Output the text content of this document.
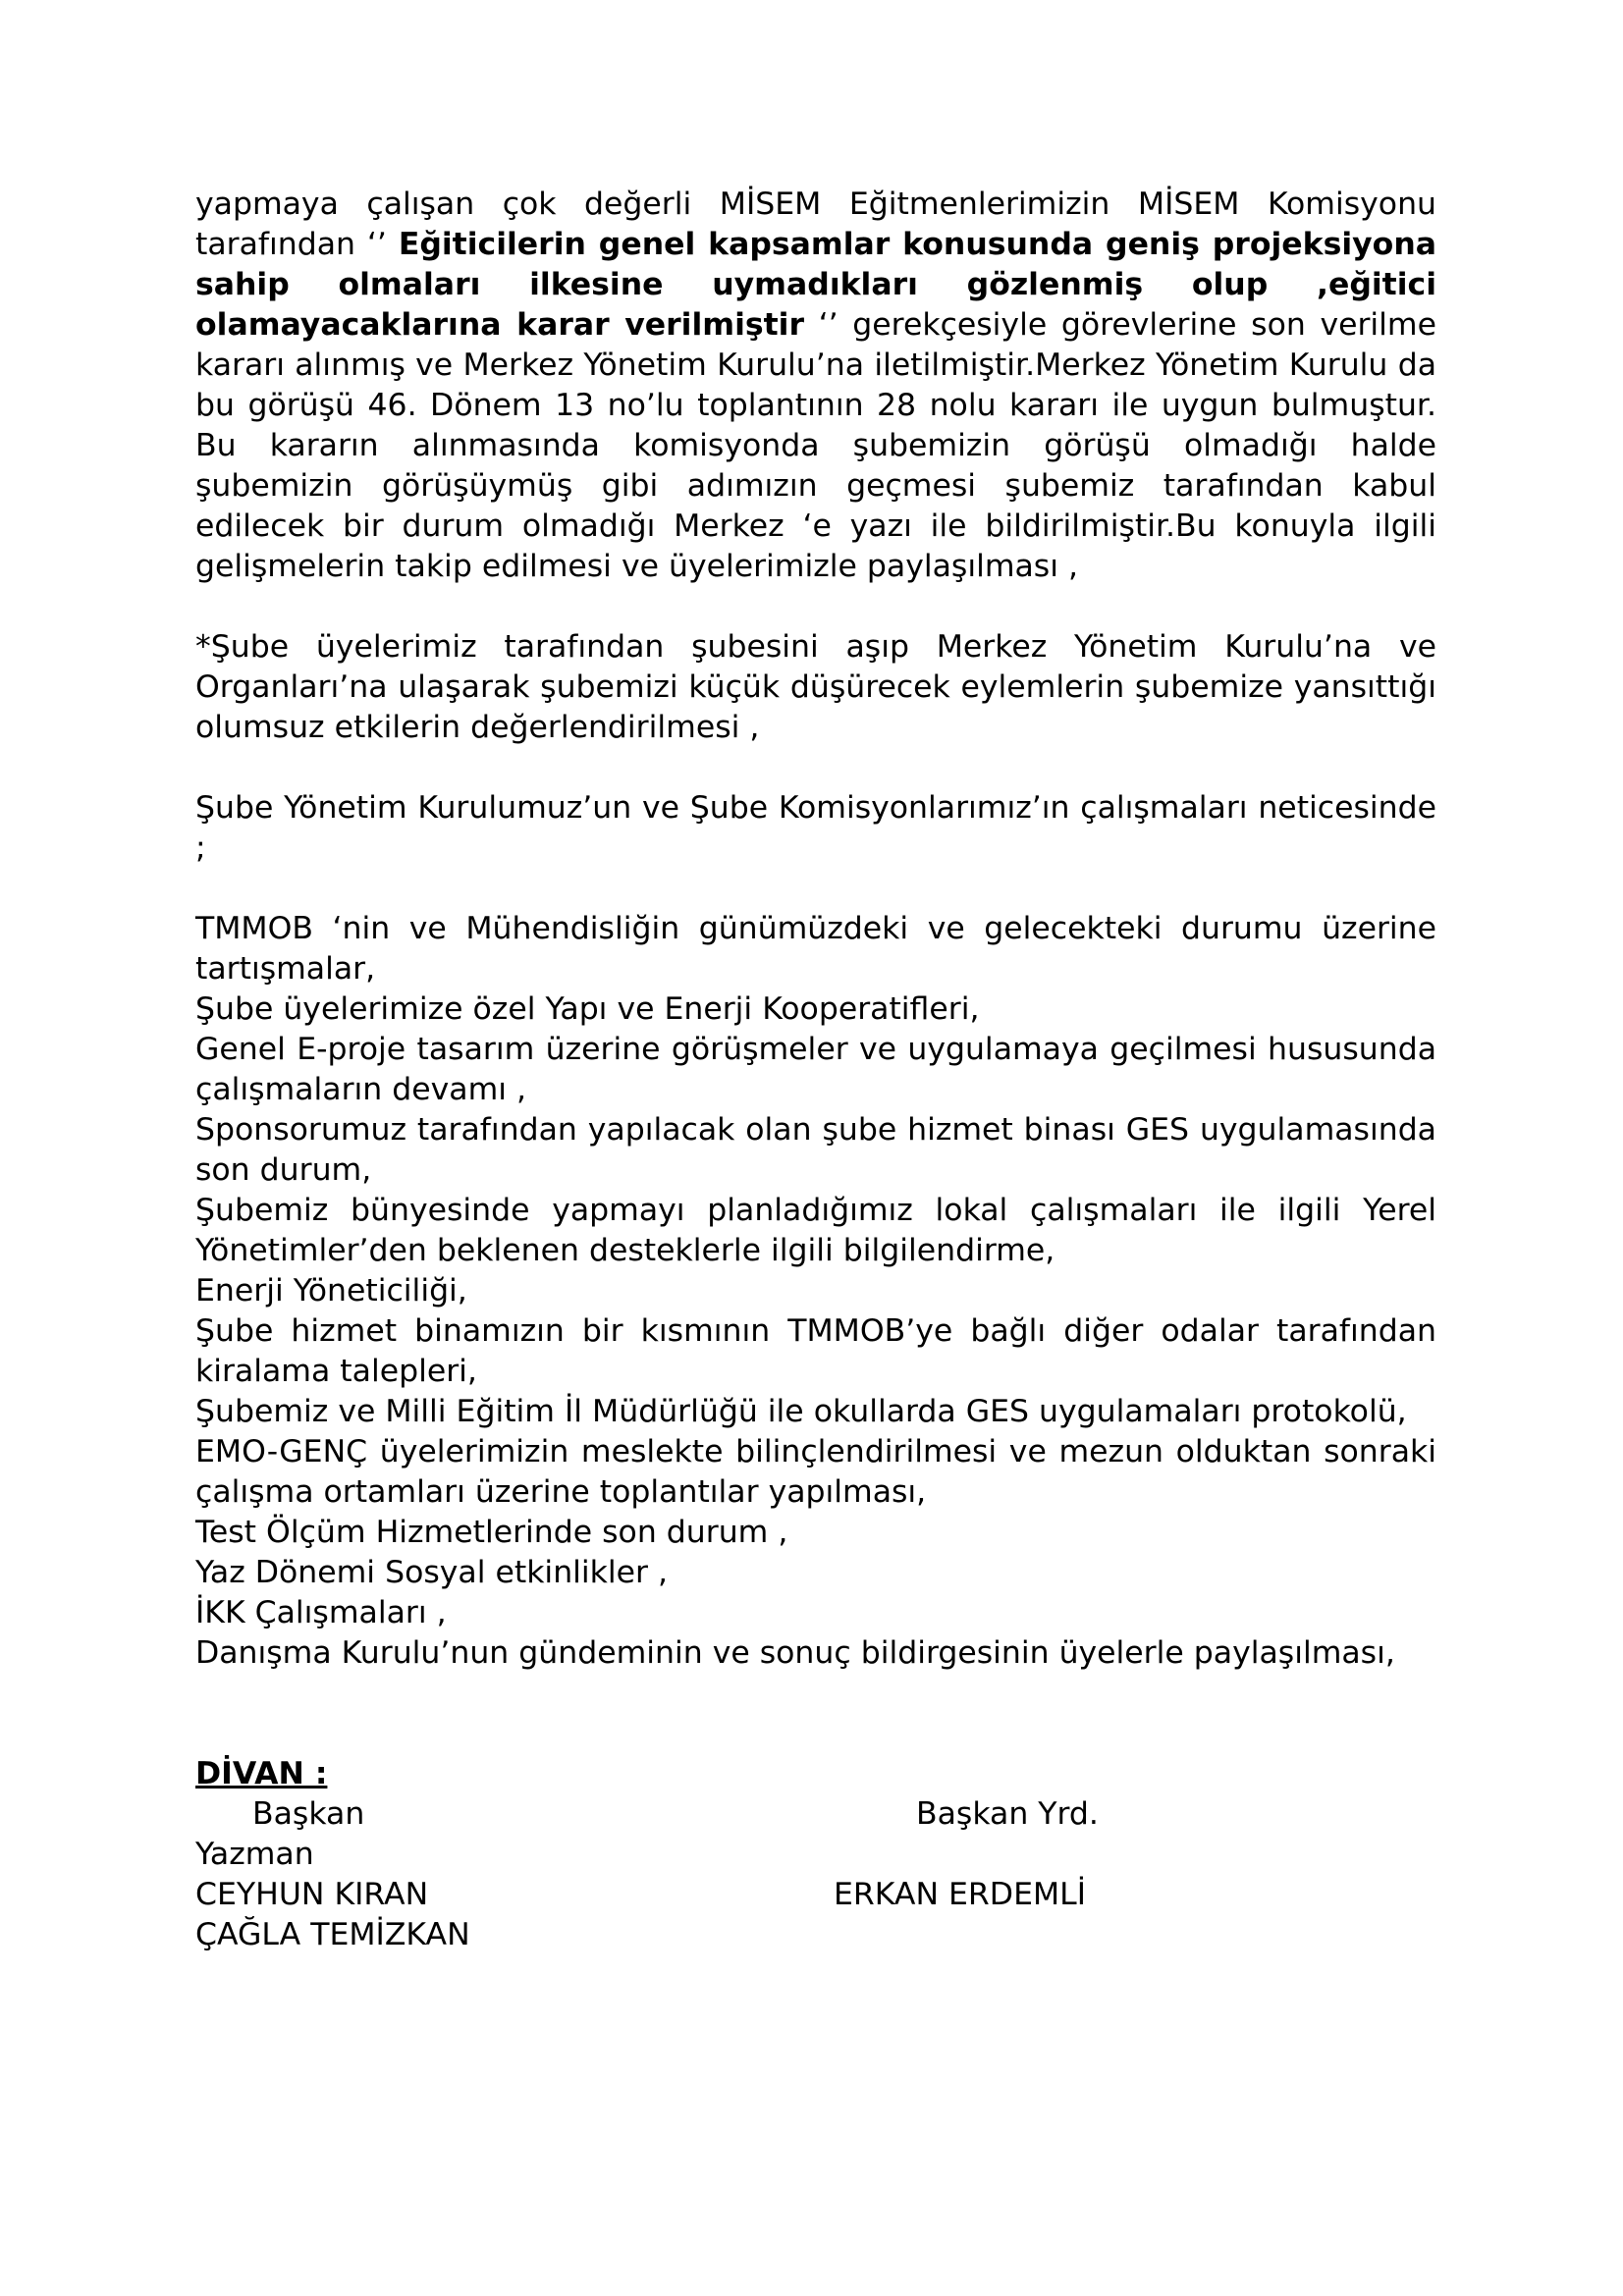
yapmaya çalışan çok değerli MİSEM Eğitmenlerimizin MİSEM Komisyonu tarafından ‘’ Eğiticilerin genel kapsamlar konusunda geniş projeksiyona sahip olmaları ilkesine uymadıkları gözlenmiş olup ,eğitici olamayacaklarına karar verilmiştir ‘’ gerekçesiyle görevlerine son verilme kararı alınmış ve Merkez Yönetim Kurulu’na iletilmiştir.Merkez Yönetim Kurulu da bu görüşü 46. Dönem 13 no’lu toplantının 28 nolu kararı ile uygun bulmuştur. Bu kararın alınmasında komisyonda şubemizin görüşü olmadığı halde şubemizin görüşüymüş gibi adımızın geçmesi şubemiz tarafından kabul edilecek bir durum olmadığı Merkez ‘e yazı ile bildirilmiştir.Bu konuyla ilgili gelişmelerin takip edilmesi ve üyelerimizle paylaşılması ,

*Şube üyelerimiz tarafından şubesini aşıp Merkez Yönetim Kurulu’na ve Organları’na ulaşarak şubemizi küçük düşürecek eylemlerin şubemize yansıttığı olumsuz etkilerin değerlendirilmesi ,

Şube Yönetim Kurulumuz’un ve Şube Komisyonlarımız’ın çalışmaları neticesinde ;

TMMOB ‘nin ve Mühendisliğin günümüzdeki ve gelecekteki durumu üzerine tartışmalar,

Şube üyelerimize özel Yapı ve Enerji Kooperatifleri,

Genel E-proje tasarım üzerine görüşmeler ve uygulamaya geçilmesi hususunda çalışmaların devamı ,

Sponsorumuz tarafından yapılacak olan şube hizmet binası GES uygulamasında son durum,

Şubemiz bünyesinde yapmayı planladığımız lokal çalışmaları ile ilgili Yerel Yönetimler’den beklenen desteklerle ilgili bilgilendirme,

Enerji Yöneticiliği,

Şube hizmet binamızın bir kısmının TMMOB’ye bağlı diğer odalar tarafından kiralama talepleri,

Şubemiz ve Milli Eğitim İl Müdürlüğü ile okullarda GES uygulamaları protokolü,

EMO-GENÇ üyelerimizin meslekte bilinçlendirilmesi ve mezun olduktan sonraki çalışma ortamları üzerine toplantılar yapılması,

Test Ölçüm Hizmetlerinde son durum ,

Yaz Dönemi Sosyal etkinlikler ,

İKK Çalışmaları ,

Danışma Kurulu’nun gündeminin ve sonuç bildirgesinin üyelerle paylaşılması,

DİVAN :

Başkan	Başkan Yrd.
Yazman
CEYHUN KIRAN	ERKAN ERDEMLİ
ÇAĞLA TEMİZKAN
